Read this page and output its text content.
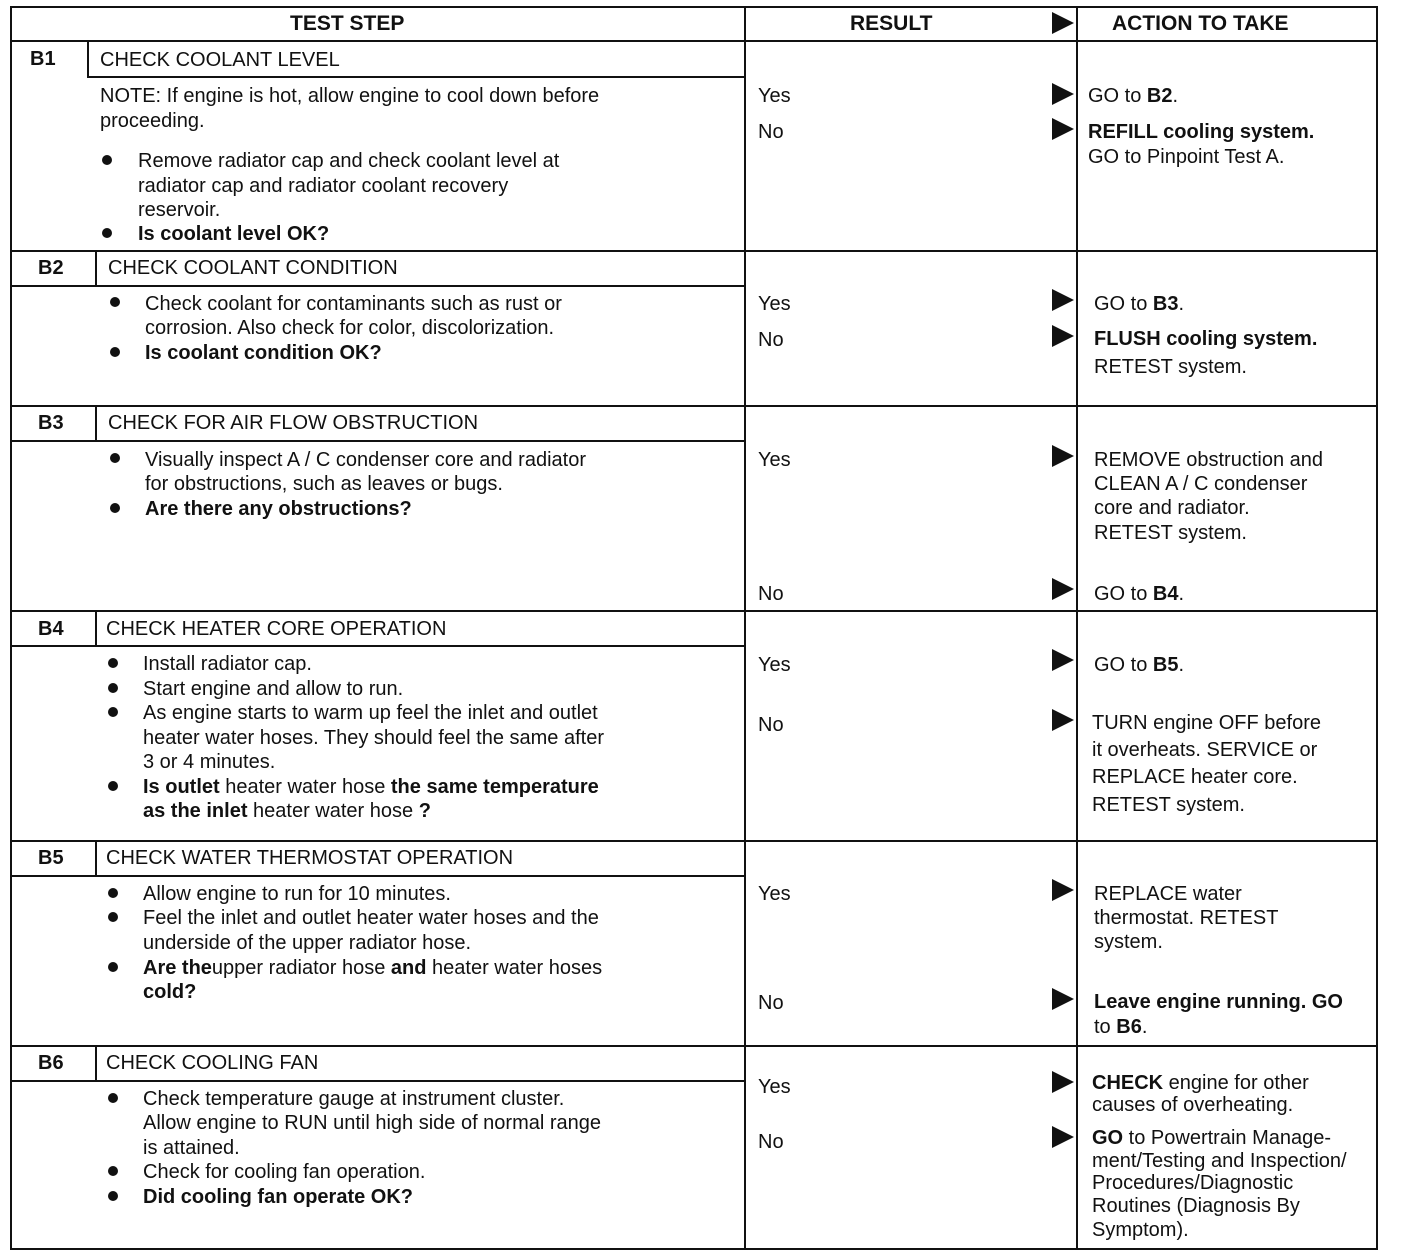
TEST STEP	RESULT	ACTION TO TAKE
B1 CHECK COOLANT LEVEL
NOTE: If engine is hot, allow engine to cool down before
proceeding.
Remove radiator cap and check coolant level at
radiator cap and radiator coolant recovery
reservoir.
Is coolant level OK?
Yes	GO to B2.
No	REFILL cooling system.
GO to Pinpoint Test A.
B2 CHECK COOLANT CONDITION
Check coolant for contaminants such as rust or
corrosion. Also check for color, discolorization.
Is coolant condition OK?
Yes	GO to B3.
No	FLUSH cooling system.
RETEST system.
B3 CHECK FOR AIR FLOW OBSTRUCTION
Visually inspect A / C condenser core and radiator
for obstructions, such as leaves or bugs.
Are there any obstructions?
Yes	REMOVE obstruction and
CLEAN A / C condenser
core and radiator.
RETEST system.
No	GO to B4.
B4 CHECK HEATER CORE OPERATION
Install radiator cap.
Start engine and allow to run.
As engine starts to warm up feel the inlet and outlet
heater water hoses. They should feel the same after
3 or 4 minutes.
Is outlet heater water hose the same temperature
as the inlet heater water hose ?
Yes	GO to B5.
No	TURN engine OFF before
it overheats. SERVICE or
REPLACE heater core.
RETEST system.
B5 CHECK WATER THERMOSTAT OPERATION
Allow engine to run for 10 minutes.
Feel the inlet and outlet heater water hoses and the
underside of the upper radiator hose.
Are theupper radiator hose and heater water hoses
cold?
Yes	REPLACE water
thermostat. RETEST
system.
No	Leave engine running. GO
to B6.
B6 CHECK COOLING FAN
Check temperature gauge at instrument cluster.
Allow engine to RUN until high side of normal range
is attained.
Check for cooling fan operation.
Did cooling fan operate OK?
Yes	CHECK engine for other
causes of overheating.
No	GO to Powertrain Manage-
ment/Testing and Inspection/
Procedures/Diagnostic
Routines (Diagnosis By
Symptom).
